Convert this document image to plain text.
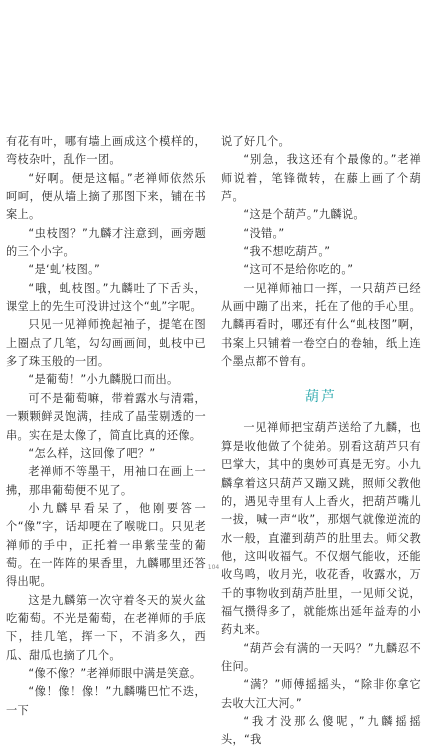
有花有叶，哪有墙上画成这个模样的，弯枝杂叶，乱作一团。

“好啊。便是这幅。”老禅师依然乐呵呵，便从墙上摘了那图下来，铺在书案上。

“虫枝图？”九麟才注意到，画旁题的三个小字。

“是‘虬’枝图。”

“哦，虬枝图。”九麟吐了下舌头，课堂上的先生可没讲过这个“虬”字呢。

只见一见禅师挽起袖子，提笔在图上圈点了几笔，勾勾画画间，虬枝中已多了珠玉般的一团。

“是葡萄！”小九麟脱口而出。

可不是葡萄嘛，带着露水与清霜，一颗颗鲜灵饱满，挂成了晶莹剔透的一串。实在是太像了，简直比真的还像。

“怎么样，这回像了吧？”

老禅师不等墨干，用袖口在画上一拂，那串葡萄便不见了。

小九麟早看呆了，他刚要答一个“像”字，话却哽在了喉咙口。只见老禅师的手中，正托着一串紫莹莹的葡萄。在一阵阵的果香里，九麟哪里还答得出呢。

这是九麟第一次守着冬天的炭火盆吃葡萄。不光是葡萄，在老禅师的手底下，挂几笔，挥一下，不消多久，西瓜、甜瓜也摘了几个。

“像不像？”老禅师眼中满是笑意。

“像！像！像！”九麟嘴巴忙不迭，一下

说了好几个。

“别急，我这还有个最像的。”老禅师说着，笔锋微转，在藤上画了个葫芦。

“这是个葫芦。”九麟说。

“没错。”

“我不想吃葫芦。”

“这可不是给你吃的。”

一见禅师袖口一挥，一只葫芦已经从画中蹦了出来，托在了他的手心里。九麟再看时，哪还有什么“虬枝图”啊，书案上只铺着一卷空白的卷轴，纸上连个墨点都不曾有。

葫芦

一见禅师把宝葫芦送给了九麟，也算是收他做了个徒弟。别看这葫芦只有巴掌大，其中的奥妙可真是无穷。小九麟拿着这只葫芦又蹦又跳，照师父教他的，遇见寺里有人上香火，把葫芦嘴儿一拔，喊一声“收”，那烟气就像逆流的水一般，直灌到葫芦的肚里去。师父教他，这叫收福气。不仅烟气能收，还能收鸟鸣，收月光，收花香，收露水，万千的事物收到葫芦肚里，一见师父说，福气攒得多了，就能炼出延年益寿的小药丸来。

“葫芦会有满的一天吗？”九麟忍不住问。

“满？”师傅摇摇头，“除非你拿它去收大江大河。”

“我才没那么傻呢，”九麟摇摇头，“我

104
